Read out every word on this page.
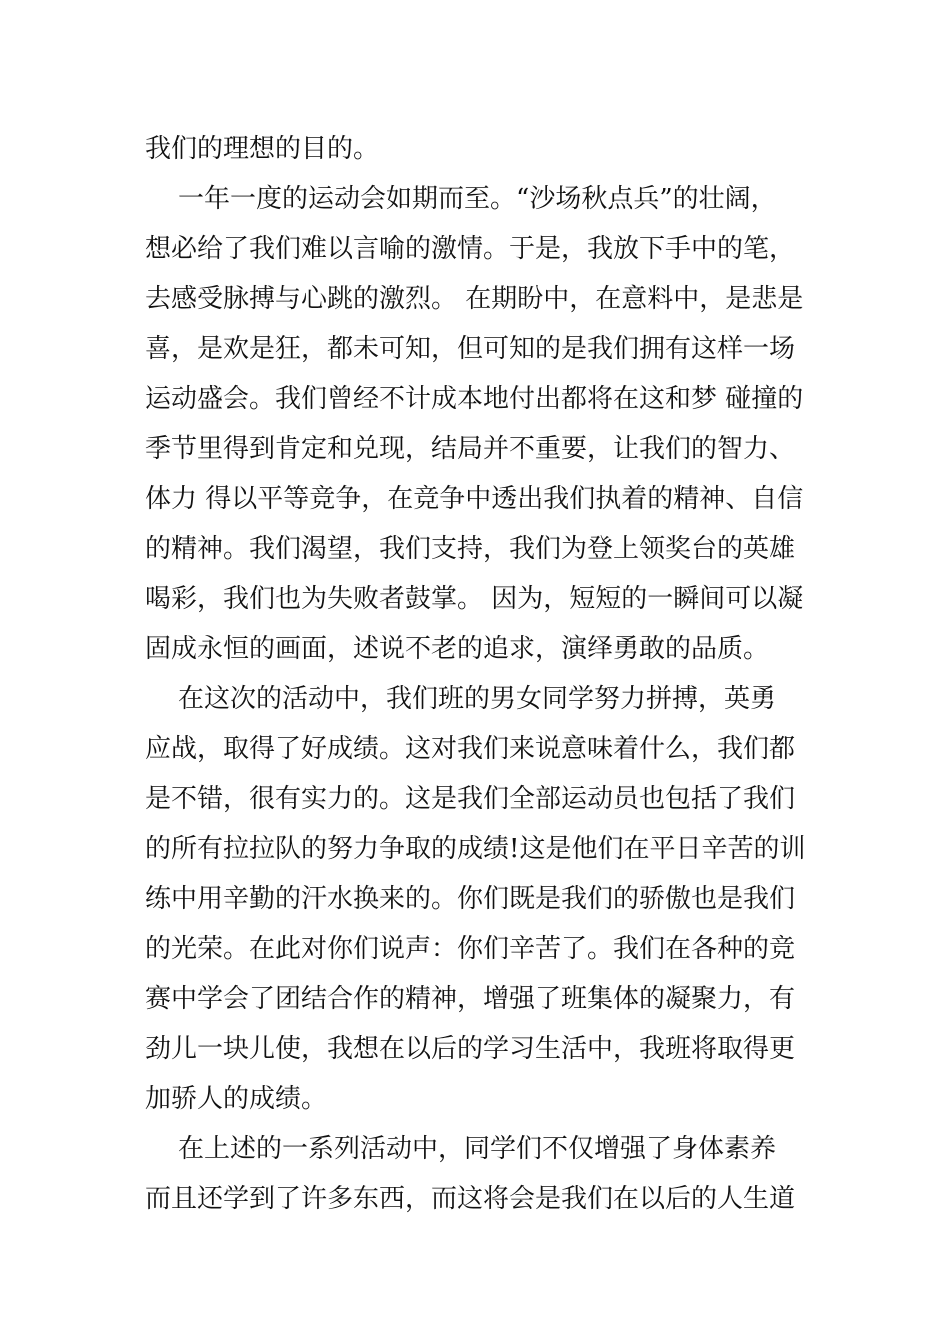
我们的理想的目的。
一年一度的运动会如期而至。“沙场秋点兵”的壮阔，
想必给了我们难以言喻的激情。于是，我放下手中的笔，
去感受脉搏与心跳的激烈。 在期盼中，在意料中，是悲是
喜，是欢是狂，都未可知，但可知的是我们拥有这样一场
运动盛会。我们曾经不计成本地付出都将在这和梦 碰撞的
季节里得到肯定和兑现，结局并不重要，让我们的智力、
体力 得以平等竞争，在竞争中透出我们执着的精神、自信
的精神。我们渴望，我们支持，我们为登上领奖台的英雄
喝彩，我们也为失败者鼓掌。 因为，短短的一瞬间可以凝
固成永恒的画面，述说不老的追求，演绎勇敢的品质。
在这次的活动中，我们班的男女同学努力拼搏，英勇
应战，取得了好成绩。这对我们来说意味着什么，我们都
是不错，很有实力的。这是我们全部运动员也包括了我们
的所有拉拉队的努力争取的成绩!这是他们在平日辛苦的训
练中用辛勤的汗水换来的。你们既是我们的骄傲也是我们
的光荣。在此对你们说声：你们辛苦了。我们在各种的竞
赛中学会了团结合作的精神，增强了班集体的凝聚力，有
劲儿一块儿使，我想在以后的学习生活中，我班将取得更
加骄人的成绩。
在上述的一系列活动中，同学们不仅增强了身体素养
而且还学到了许多东西，而这将会是我们在以后的人生道
